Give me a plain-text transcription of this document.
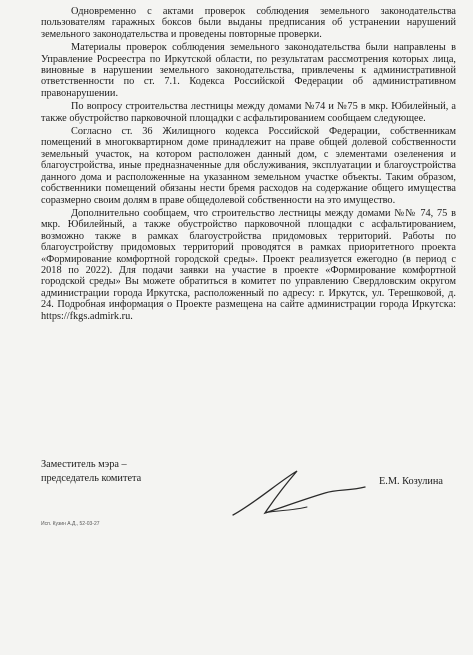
Одновременно с актами проверок соблюдения земельного законодательства пользователям гаражных боксов были выданы предписания об устранении нарушений земельного законодательства и проведены повторные проверки.

Материалы проверок соблюдения земельного законодательства были направлены в Управление Росреестра по Иркутской области, по результатам рассмотрения которых лица, виновные в нарушении земельного законодательства, привлечены к административной ответственности по ст. 7.1. Кодекса Российской Федерации об административном правонарушении.

По вопросу строительства лестницы между домами №74 и №75 в мкр. Юбилейный, а также обустройство парковочной площадки с асфальтированием сообщаем следующее.

Согласно ст. 36 Жилищного кодекса Российской Федерации, собственникам помещений в многоквартирном доме принадлежит на праве общей долевой собственности земельный участок, на котором расположен данный дом, с элементами озеленения и благоустройства, иные предназначенные для обслуживания, эксплуатации и благоустройства данного дома и расположенные на указанном земельном участке объекты. Таким образом, собственники помещений обязаны нести бремя расходов на содержание общего имущества соразмерно своим долям в праве общедолевой собственности на это имущество.

Дополнительно сообщаем, что строительство лестницы между домами №№ 74, 75 в мкр. Юбилейный, а также обустройство парковочной площадки с асфальтированием, возможно также в рамках благоустройства придомовых территорий. Работы по благоустройству придомовых территорий проводятся в рамках приоритетного проекта «Формирование комфортной городской среды». Проект реализуется ежегодно (в период с 2018 по 2022). Для подачи заявки на участие в проекте «Формирование комфортной городской среды» Вы можете обратиться в комитет по управлению Свердловским округом администрации города Иркутска, расположенный по адресу: г. Иркутск, ул. Терешковой, д. 24. Подробная информация о Проекте размещена на сайте администрации города Иркутска: https://fkgs.admirk.ru.

Заместитель мэра –
председатель комитета	Е.М. Козулина
Исп. Кузин А.Д., 52-03-27
